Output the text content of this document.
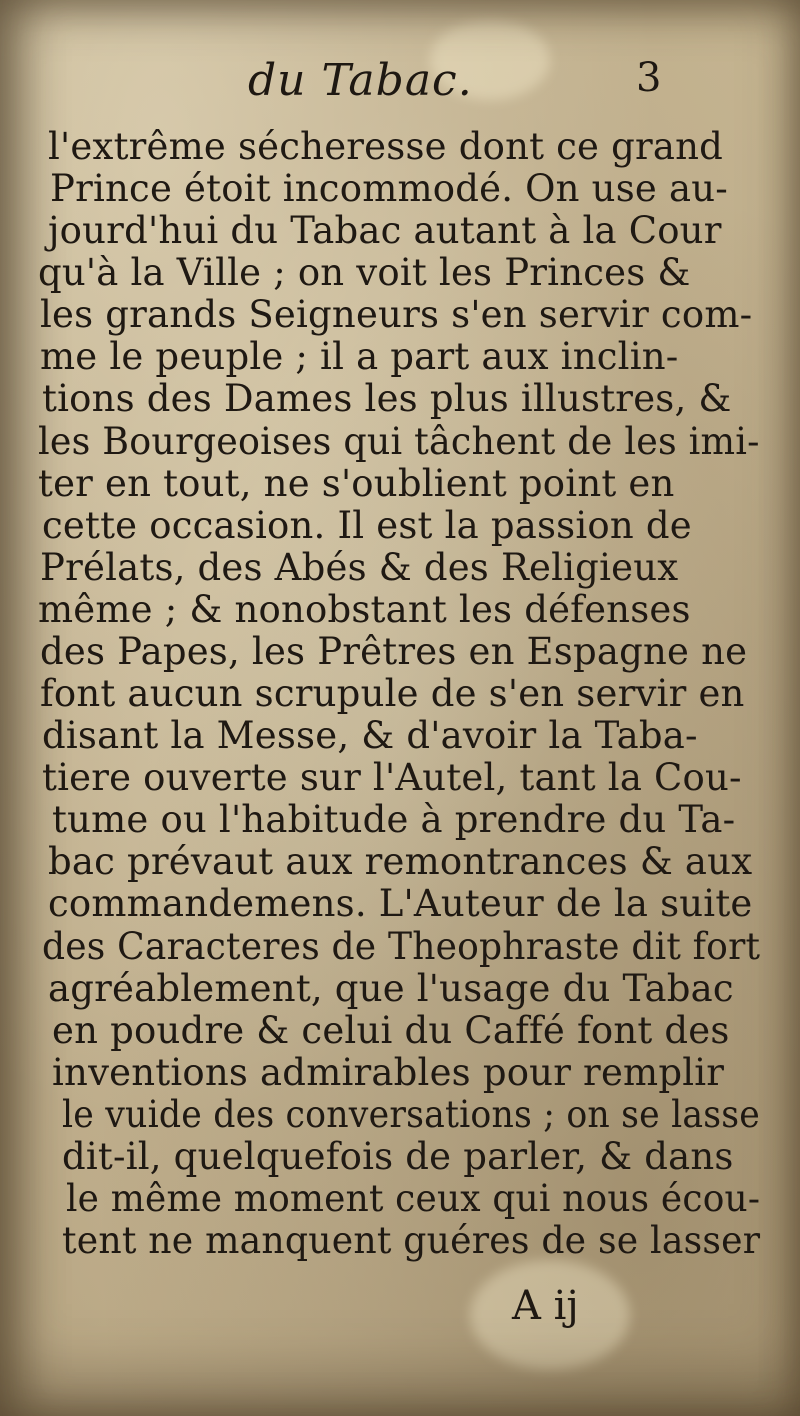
du Tabac.	3
l'extrême sécheresse dont ce grand
Prince étoit incommodé. On use au-
jourd'hui du Tabac autant à la Cour
qu'à la Ville ; on voit les Princes &
les grands Seigneurs s'en servir com-
me le peuple ; il a part aux inclin-
tions des Dames les plus illustres, &
les Bourgeoises qui tâchent de les imi-
ter en tout, ne s'oublient point en
cette occasion. Il est la passion de
Prélats, des Abés & des Religieux
même ; & nonobstant les défenses
des Papes, les Prêtres en Espagne ne
font aucun scrupule de s'en servir en
disant la Messe, & d'avoir la Taba-
tiere ouverte sur l'Autel, tant la Cou-
tume ou l'habitude à prendre du Ta-
bac prévaut aux remontrances & aux
commandemens. L'Auteur de la suite
des Caracteres de Theophraste dit fort
agréablement, que l'usage du Tabac
en poudre & celui du Caffé font des
inventions admirables pour remplir
le vuide des conversations ; on se lasse
dit-il, quelquefois de parler, & dans
le même moment ceux qui nous écou-
tent ne manquent guéres de se lasser
A ij
